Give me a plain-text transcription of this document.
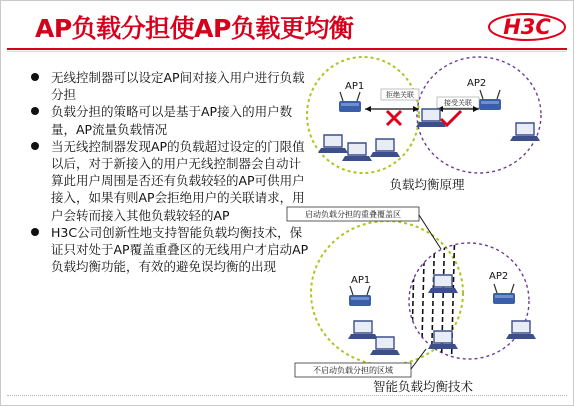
AP负载分担使AP负载更均衡	H3C
无线控制器可以设定AP间对接入用户进行负载分担
负载分担的策略可以是基于AP接入的用户数量，AP流量负载情况
当无线控制器发现AP的负载超过设定的门限值以后，对于新接入的用户无线控制器会自动计算此用户周围是否还有负载较轻的AP可供用户接入，如果有则AP会拒绝用户的关联请求，用户会转而接入其他负载较轻的AP
H3C公司创新性地支持智能负载均衡技术，保证只对处于AP覆盖重叠区的无线用户才启动AP负载均衡功能，有效的避免误均衡的出现
AP1	AP2
拒绝关联
接受关联
负载均衡原理
启动负载分担的重叠覆盖区
AP1	AP2
不启动负载分担的区域
智能负载均衡技术
